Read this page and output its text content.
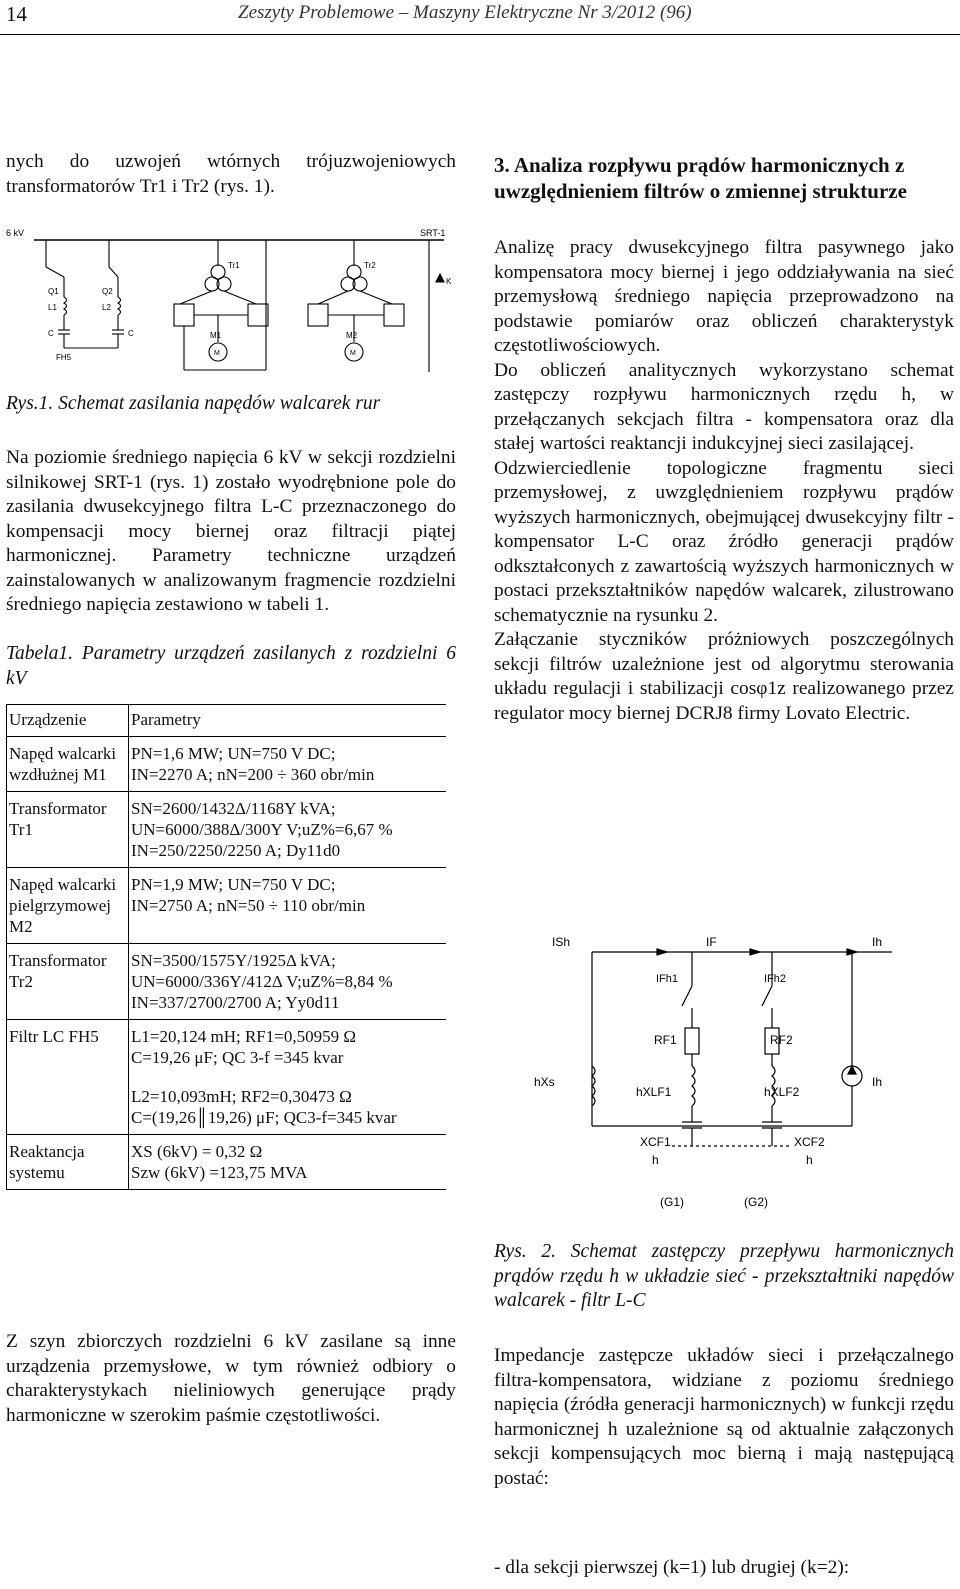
14	Zeszyty Problemowe – Maszyny Elektryczne Nr 3/2012 (96)

nych do uzwojeń wtórnych trójuzwojeniowych transformatorów Tr1 i Tr2 (rys. 1).

6 kV	SRT-1
Tr1	Tr2
Q1	Q2
L1	L2
C	C
FH5
M1	M2
K
M	M

Rys.1. Schemat zasilania napędów walcarek rur

Na poziomie średniego napięcia 6 kV w sekcji rozdzielni silnikowej SRT-1 (rys. 1) zostało wyodrębnione pole do zasilania dwusekcyjnego filtra L-C przeznaczonego do kompensacji mocy biernej oraz filtracji piątej harmonicznej. Parametry techniczne urządzeń zainstalowanych w analizowanym fragmencie rozdzielni średniego napięcia zestawiono w tabeli 1.

Tabela1. Parametry urządzeń zasilanych z rozdzielni 6 kV

Urządzenie	Parametry
Napęd walcarki wzdłużnej M1	PN=1,6 MW; UN=750 V DC;
IN=2270 A; nN=200 ÷ 360 obr/min

Transformator Tr1	SN=2600/1432Δ/1168Y kVA;
UN=6000/388Δ/300Y V;uZ%=6,67 %
IN=250/2250/2250 A; Dy11d0

Napęd walcarki pielgrzymowej M2	PN=1,9 MW; UN=750 V DC;
IN=2750 A; nN=50 ÷ 110 obr/min

Transformator Tr2	SN=3500/1575Y/1925Δ kVA;
UN=6000/336Y/412Δ V;uZ%=8,84 %
IN=337/2700/2700 A; Yy0d11

Filtr LC FH5	L1=20,124 mH; RF1=0,50959 Ω
C=19,26 μF; QC 3-f =345 kvar
L2=10,093mH; RF2=0,30473 Ω
C=(19,26║19,26) μF; QC3-f=345 kvar

Reaktancja systemu	XS (6kV) = 0,32 Ω
Szw (6kV) =123,75 MVA

Z szyn zbiorczych rozdzielni 6 kV zasilane są inne urządzenia przemysłowe, w tym również odbiory o charakterystykach nieliniowych generujące prądy harmoniczne w szerokim paśmie częstotliwości.

3. Analiza rozpływu prądów harmonicznych z uwzględnieniem filtrów o zmiennej strukturze

Analizę pracy dwusekcyjnego filtra pasywnego jako kompensatora mocy biernej i jego oddziaływania na sieć przemysłową średniego napięcia przeprowadzono na podstawie pomiarów oraz obliczeń charakterystyk częstotliwościowych.

Do obliczeń analitycznych wykorzystano schemat zastępczy rozpływu harmonicznych rzędu h, w przełączanych sekcjach filtra - kompensatora oraz dla stałej wartości reaktancji indukcyjnej sieci zasilającej.

Odzwierciedlenie topologiczne fragmentu sieci przemysłowej, z uwzględnieniem rozpływu prądów wyższych harmonicznych, obejmującej dwusekcyjny filtr - kompensator L-C oraz źródło generacji prądów odkształconych z zawartością wyższych harmonicznych w postaci przekształtników napędów walcarek, zilustrowano schematycznie na rysunku 2.

Załączanie styczników próżniowych poszczególnych sekcji filtrów uzależnione jest od algorytmu sterowania układu regulacji i stabilizacji cosφ1z realizowanego przez regulator mocy biernej DCRJ8 firmy Lovato Electric.

ISh	IF	Ih
IFh1	IFh2
RF1	RF2
hXs
hXLF1	hXLF2
Ih
XCF1
h
XCF2
h
(G1)	(G2)

Rys. 2. Schemat zastępczy przepływu harmonicznych prądów rzędu h w układzie sieć - przekształtniki napędów walcarek - filtr L-C

Impedancje zastępcze układów sieci i przełączalnego filtra-kompensatora, widziane z poziomu średniego napięcia (źródła generacji harmonicznych) w funkcji rzędu harmonicznej h uzależnione są od aktualnie załączonych sekcji kompensujących moc bierną i mają następującą postać:

- dla sekcji pierwszej (k=1) lub drugiej (k=2):
